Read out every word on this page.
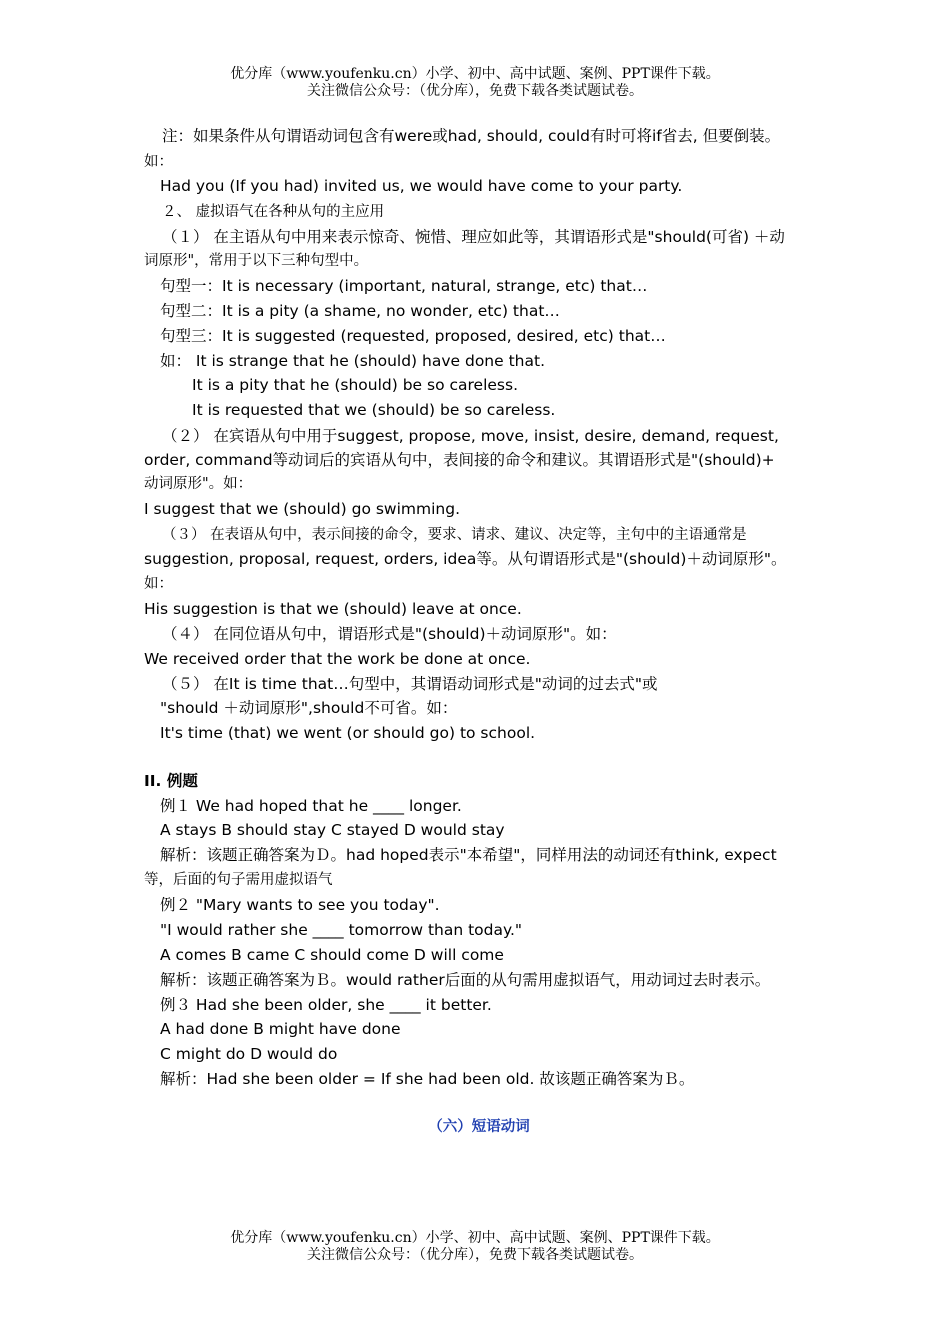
优分库（www.youfenku.cn）小学、初中、高中试题、案例、PPT课件下载。
关注微信公众号：（优分库），免费下载各类试题试卷。
注：如果条件从句谓语动词包含有were或had, should, could有时可将if省去, 但要倒装。
如：
Had you (If you had) invited us, we would have come to your party.
２、 虚拟语气在各种从句的主应用
（１） 在主语从句中用来表示惊奇、惋惜、理应如此等，其谓语形式是"should(可省) ＋动
词原形"，常用于以下三种句型中。
句型一：It is necessary (important, natural, strange, etc) that…
句型二：It is a pity (a shame, no wonder, etc) that…
句型三：It is suggested (requested, proposed, desired, etc) that…
如： It is strange that he (should) have done that.
It is a pity that he (should) be so careless.
It is requested that we (should) be so careless.
（２） 在宾语从句中用于suggest, propose, move, insist, desire, demand, request,
order, command等动词后的宾语从句中，表间接的命令和建议。其谓语形式是"(should)+
动词原形"。如：
I suggest that we (should) go swimming.
（３） 在表语从句中，表示间接的命令，要求、请求、建议、决定等，主句中的主语通常是
suggestion, proposal, request, orders, idea等。从句谓语形式是"(should)＋动词原形"。
如：
His suggestion is that we (should) leave at once.
（４） 在同位语从句中，谓语形式是"(should)＋动词原形"。如：
We received order that the work be done at once.
（５） 在It is time that…句型中，其谓语动词形式是"动词的过去式"或
"should ＋动词原形",should不可省。如：
It's time (that) we went (or should go) to school.
II. 例题
例１ We had hoped that he ____ longer.
A stays B should stay C stayed D would stay
解析：该题正确答案为Ｄ。had hoped表示"本希望"，同样用法的动词还有think, expect
等，后面的句子需用虚拟语气
例２ "Mary wants to see you today".
"I would rather she ____ tomorrow than today."
A comes B came C should come D will come
解析：该题正确答案为Ｂ。would rather后面的从句需用虚拟语气，用动词过去时表示。
例３ Had she been older, she ____ it better.
A had done B might have done
C might do D would do
解析：Had she been older = If she had been old. 故该题正确答案为Ｂ。
（六）短语动词
优分库（www.youfenku.cn）小学、初中、高中试题、案例、PPT课件下载。
关注微信公众号：（优分库），免费下载各类试题试卷。
